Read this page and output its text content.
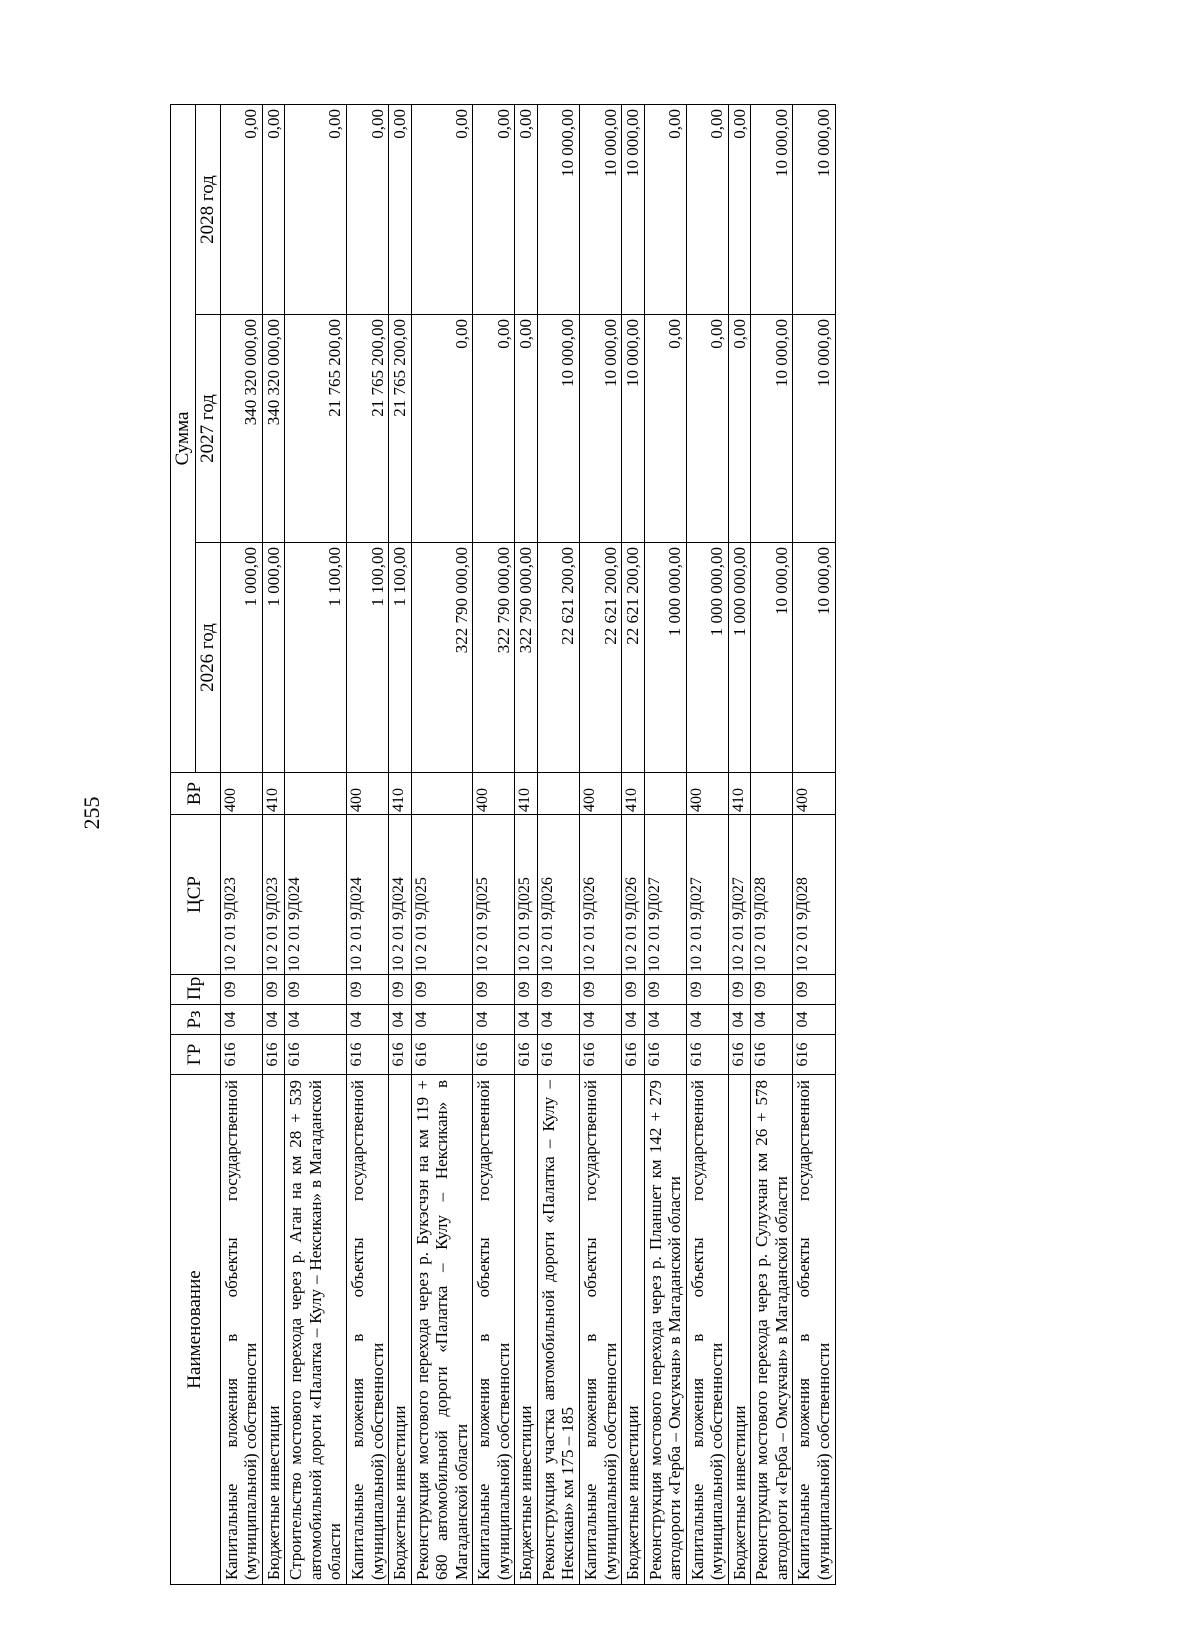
255
Наименование	ГР	Рз	Пр	ЦСР	ВР	Сумма		
						2026 год	2027 год	2028 год
Капитальные вложения в объекты государственной (муниципальной) собственности	616	04	09	10 2 01 9Д023	400	1 000,00	340 320 000,00	0,00
Бюджетные инвестиции	616	04	09	10 2 01 9Д023	410	1 000,00	340 320 000,00	0,00
Строительство мостового перехода через р. Аган на км 28 + 539 автомобильной дороги «Палатка – Кулу – Нексикан» в Магаданской области	616	04	09	10 2 01 9Д024		1 100,00	21 765 200,00	0,00
Капитальные вложения в объекты государственной (муниципальной) собственности	616	04	09	10 2 01 9Д024	400	1 100,00	21 765 200,00	0,00
Бюджетные инвестиции	616	04	09	10 2 01 9Д024	410	1 100,00	21 765 200,00	0,00
Реконструкция мостового перехода через р. Букэсчэн на км 119 + 680 автомобильной дороги «Палатка – Кулу – Нексикан» в Магаданской области	616	04	09	10 2 01 9Д025		322 790 000,00	0,00	0,00
Капитальные вложения в объекты государственной (муниципальной) собственности	616	04	09	10 2 01 9Д025	400	322 790 000,00	0,00	0,00
Бюджетные инвестиции	616	04	09	10 2 01 9Д025	410	322 790 000,00	0,00	0,00
Реконструкция участка автомобильной дороги «Палатка – Кулу – Нексикан» км 175 – 185	616	04	09	10 2 01 9Д026		22 621 200,00	10 000,00	10 000,00
Капитальные вложения в объекты государственной (муниципальной) собственности	616	04	09	10 2 01 9Д026	400	22 621 200,00	10 000,00	10 000,00
Бюджетные инвестиции	616	04	09	10 2 01 9Д026	410	22 621 200,00	10 000,00	10 000,00
Реконструкция мостового перехода через р. Планшет км 142 + 279 автодороги «Герба – Омсукчан» в Магаданской области	616	04	09	10 2 01 9Д027		1 000 000,00	0,00	0,00
Капитальные вложения в объекты государственной (муниципальной) собственности	616	04	09	10 2 01 9Д027	400	1 000 000,00	0,00	0,00
Бюджетные инвестиции	616	04	09	10 2 01 9Д027	410	1 000 000,00	0,00	0,00
Реконструкция мостового перехода через р. Сулухчан км 26 + 578 автодороги «Герба – Омсукчан» в Магаданской области	616	04	09	10 2 01 9Д028		10 000,00	10 000,00	10 000,00
Капитальные вложения в объекты государственной (муниципальной) собственности	616	04	09	10 2 01 9Д028	400	10 000,00	10 000,00	10 000,00
